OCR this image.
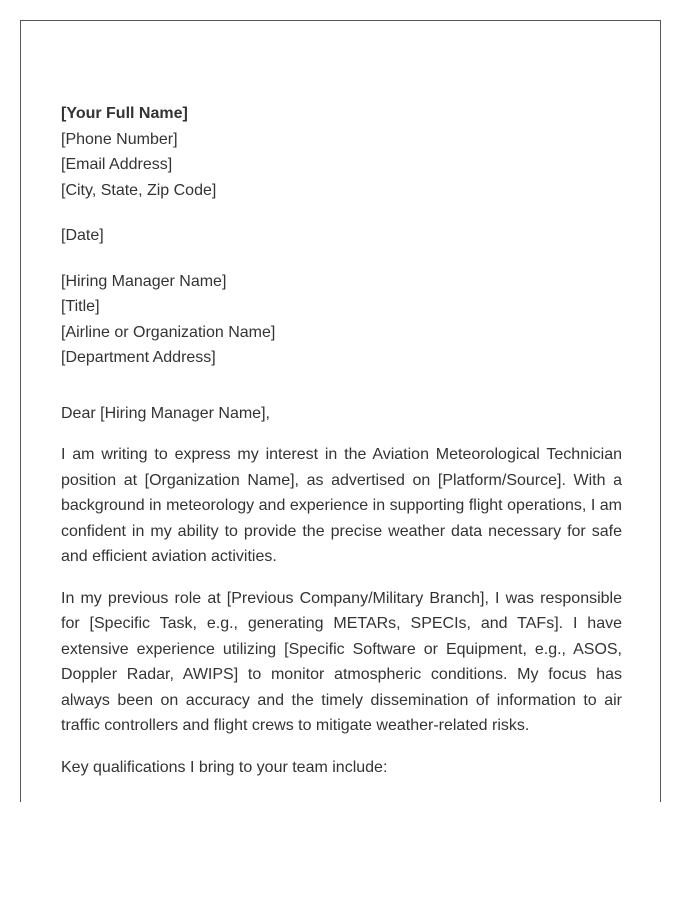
[Your Full Name]
[Phone Number]
[Email Address]
[City, State, Zip Code]
[Date]
[Hiring Manager Name]
[Title]
[Airline or Organization Name]
[Department Address]

Dear [Hiring Manager Name],

I am writing to express my interest in the Aviation Meteorological Technician position at [Organization Name], as advertised on [Platform/Source]. With a background in meteorology and experience in supporting flight operations, I am confident in my ability to provide the precise weather data necessary for safe and efficient aviation activities.

In my previous role at [Previous Company/Military Branch], I was responsible for [Specific Task, e.g., generating METARs, SPECIs, and TAFs]. I have extensive experience utilizing [Specific Software or Equipment, e.g., ASOS, Doppler Radar, AWIPS] to monitor atmospheric conditions. My focus has always been on accuracy and the timely dissemination of information to air traffic controllers and flight crews to mitigate weather-related risks.

Key qualifications I bring to your team include:
